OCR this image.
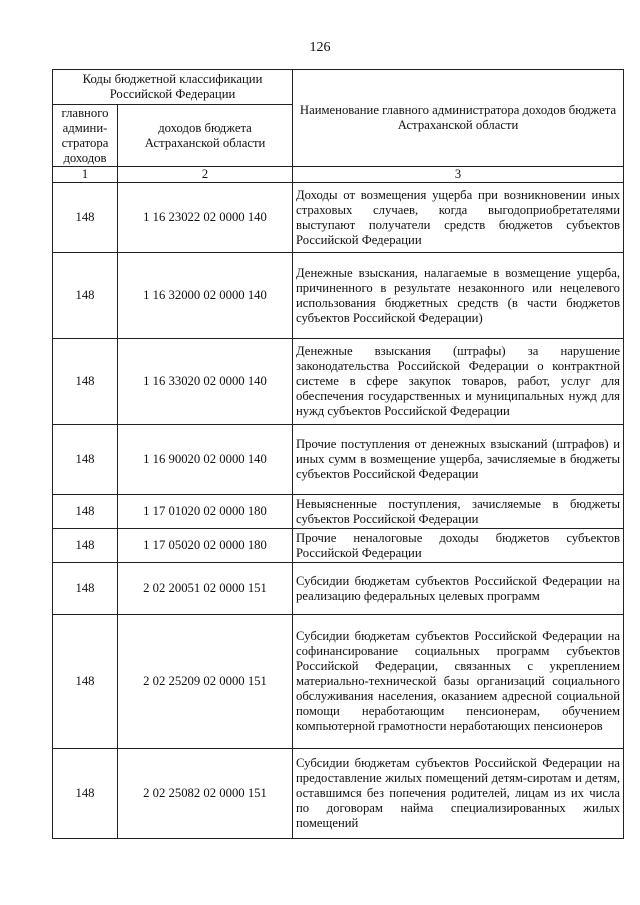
126
Коды бюджетной классификации Российской Федерации		Наименование главного администратора доходов бюджета Астраханской области
главного админи-стратора доходов	доходов бюджета Астраханской области	
1	2	3
148	1 16 23022 02 0000 140	Доходы от возмещения ущерба при возникновении иных страховых случаев, когда выгодоприобретателями выступают получатели средств бюджетов субъектов Российской Федерации
148	1 16 32000 02 0000 140	Денежные взыскания, налагаемые в возмещение ущерба, причиненного в результате незаконного или нецелевого использования бюджетных средств (в части бюджетов субъектов Российской Федерации)
148	1 16 33020 02 0000 140	Денежные взыскания (штрафы) за нарушение законодательства Российской Федерации о контрактной системе в сфере закупок товаров, работ, услуг для обеспечения государственных и муниципальных нужд для нужд субъектов Российской Федерации
148	1 16 90020 02 0000 140	Прочие поступления от денежных взысканий (штрафов) и иных сумм в возмещение ущерба, зачисляемые в бюджеты субъектов Российской Федерации
148	1 17 01020 02 0000 180	Невыясненные поступления, зачисляемые в бюджеты субъектов Российской Федерации
148	1 17 05020 02 0000 180	Прочие неналоговые доходы бюджетов субъектов Российской Федерации
148	2 02 20051 02 0000 151	Субсидии бюджетам субъектов Российской Федерации на реализацию федеральных целевых программ
148	2 02 25209 02 0000 151	Субсидии бюджетам субъектов Российской Федерации на софинансирование социальных программ субъектов Российской Федерации, связанных с укреплением материально-технической базы организаций социального обслуживания населения, оказанием адресной социальной помощи неработающим пенсионерам, обучением компьютерной грамотности неработающих пенсионеров
148	2 02 25082 02 0000 151	Субсидии бюджетам субъектов Российской Федерации на предоставление жилых помещений детям-сиротам и детям, оставшимся без попечения родителей, лицам из их числа по договорам найма специализированных жилых помещений
